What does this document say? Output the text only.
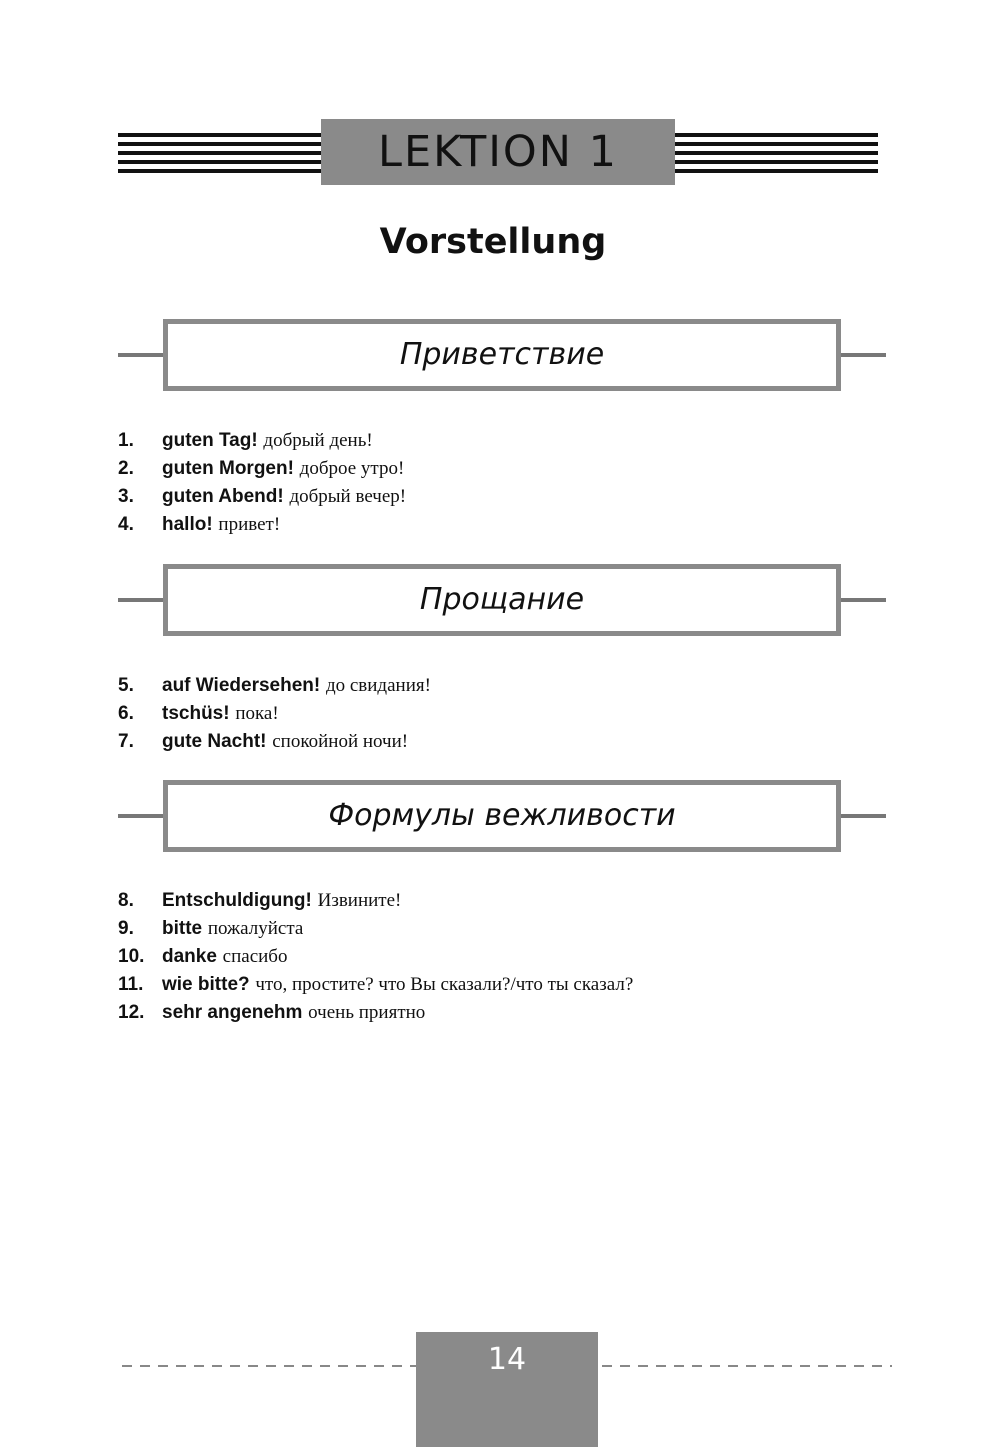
LEKTION 1
Vorstellung
Приветствие
1. guten Tag! добрый день!
2. guten Morgen! доброе утро!
3. guten Abend! добрый вечер!
4. hallo! привет!
Прощание
5. auf Wiedersehen! до свидания!
6. tschüs! пока!
7. gute Nacht! спокойной ночи!
Формулы вежливости
8. Entschuldigung! Извините!
9. bitte пожалуйста
10. danke спасибо
11. wie bitte? что, простите? что Вы сказали?/что ты сказал?
12. sehr angenehm очень приятно
14
